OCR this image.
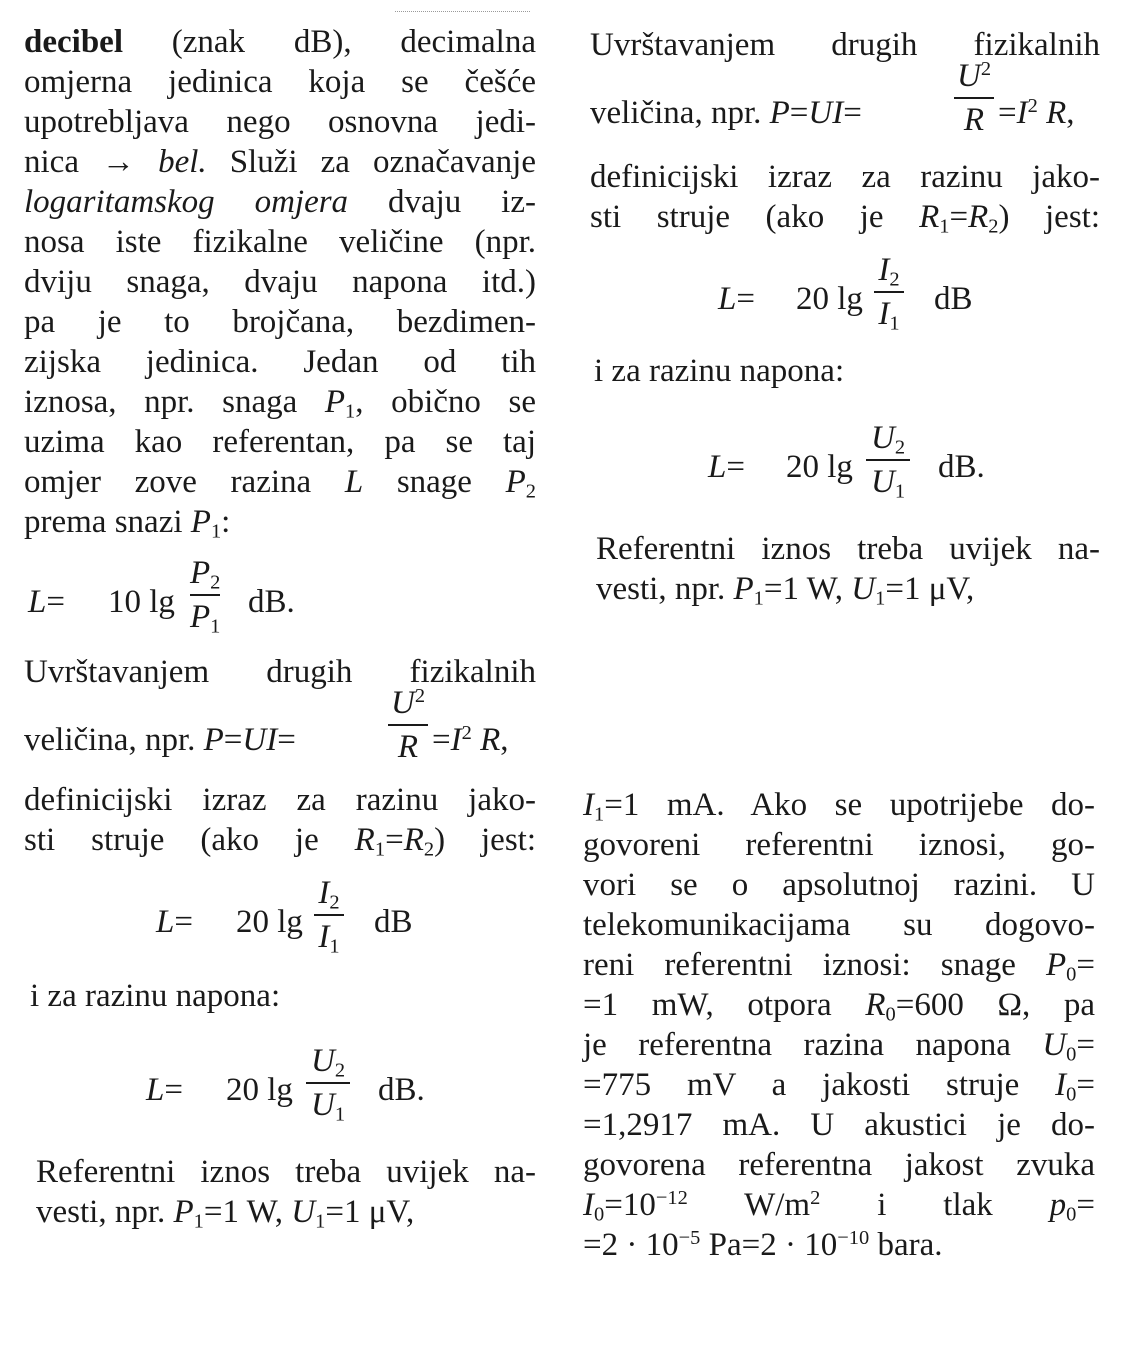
decibel (znak dB), decimalna
omjerna jedinica koja se češće
upotrebljava nego osnovna jedi-
nica → bel. Služi za označavanje
logaritamskog omjera dvaju iz-
nosa iste fizikalne veličine (npr.
dviju snaga, dvaju napona itd.)
pa je to brojčana, bezdimen-
zijska jedinica. Jedan od tih
iznosa, npr. snaga $P_1$, obično se
uzima kao referentan, pa se taj
omjer zove razina L snage $P_2$
prema snazi $P_1$:
L= 10 lg
$P_2$
$P_1$
dB.
Uvrštavanjem drugih fizikalnih
veličina, npr. P=UI=
$U^2$
$R =I^2$ R,
definicijski izraz za razinu jako-
sti struje (ako je $R_1=R_2$) jest:
L= 20 lg
$I_2$
$I_1$
dB
i za razinu napona:
L= 20 lg
$U_2$
$U_1$
dB.
Referentni iznos treba uvijek na-
vesti, npr. $P_1=1$ W, $U_1=1$ μV,
Uvrštavanjem drugih fizikalnih
veličina, npr. P=UI=
$U^2$
$R =I^2$ R,
definicijski izraz za razinu jako-
sti struje (ako je $R_1=R_2$) jest:
L= 20 lg
$I_2$
$I_1$
dB
i za razinu napona:
L= 20 lg
$U_2$
$U_1$
dB.
Referentni iznos treba uvijek na-
vesti, npr. $P_1=1$ W, $U_1=1$ μV,
$I_1=1$ mA. Ako se upotrijebe do-
govoreni referentni iznosi, go-
vori se o apsolutnoj razini. U
telekomunikacijama su dogovo-
reni referentni iznosi: snage $P_0=$
=1 mW, otpora $R_0=600$ Ω, pa
je referentna razina napona $U_0=$
=775 mV a jakosti struje $I_0=$
=1,2917 mA. U akustici je do-
govorena referentna jakost zvuka
$I_0=10^{-12}$ $W/m^2$ i tlak $p_0=$
$=2 \cdot 10^{-5}$ $Pa=2 \cdot 10^{-10}$ bara.
